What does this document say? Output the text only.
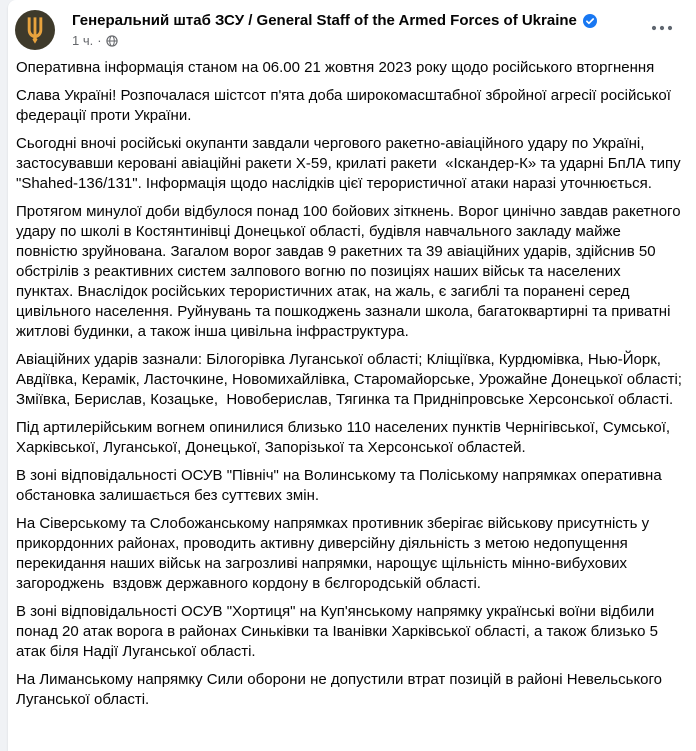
Генеральний штаб ЗСУ / General Staff of the Armed Forces of Ukraine
1 ч. ·

Оперативна інформація станом на 06.00 21 жовтня 2023 року щодо російського вторгнення

Слава Україні! Розпочалася шістсот п'ята доба широкомасштабної збройної агресії російської федерації проти України.

Сьогодні вночі російські окупанти завдали чергового ракетно-авіаційного удару по Україні, застосувавши керовані авіаційні ракети Х-59, крилаті ракети  «Іскандер-К» та ударні БпЛА типу "Shahed-136/131". Інформація щодо наслідків цієї терористичної атаки наразі уточнюється.

Протягом минулої доби відбулося понад 100 бойових зіткнень. Ворог цинічно завдав ракетного удару по школі в Костянтинівці Донецької області, будівля навчального закладу майже повністю зруйнована. Загалом ворог завдав 9 ракетних та 39 авіаційних ударів, здійснив 50 обстрілів з реактивних систем залпового вогню по позиціях наших військ та населених пунктах. Внаслідок російських терористичних атак, на жаль, є загиблі та поранені серед цивільного населення. Руйнувань та пошкоджень зазнали школа, багатоквартирні та приватні житлові будинки, а також інша цивільна інфраструктура.

Авіаційних ударів зазнали: Білогорівка Луганської області; Кліщіївка, Курдюмівка, Нью-Йорк, Авдіївка, Керамік, Ласточкине, Новомихайлівка, Старомайорське, Урожайне Донецької області; Зміївка, Берислав, Козацьке,  Новоберислав, Тягинка та Придніпровське Херсонської області.

Під артилерійським вогнем опинилися близько 110 населених пунктів Чернігівської, Сумської, Харківської, Луганської, Донецької, Запорізької та Херсонської областей.

В зоні відповідальності ОСУВ "Північ" на Волинському та Поліському напрямках оперативна обстановка залишається без суттєвих змін.

На Сіверському та Слобожанському напрямках противник зберігає військову присутність у прикордонних районах, проводить активну диверсійну діяльність з метою недопущення перекидання наших військ на загрозливі напрямки, нарощує щільність мінно-вибухових загороджень  вздовж державного кордону в бєлгородській області.

В зоні відповідальності ОСУВ "Хортиця" на Куп'янському напрямку українські воїни відбили понад 20 атак ворога в районах Синьківки та Іванівки Харківської області, а також близько 5 атак біля Надії Луганської області.

На Лиманському напрямку Сили оборони не допустили втрат позицій в районі Невельського Луганської області.
